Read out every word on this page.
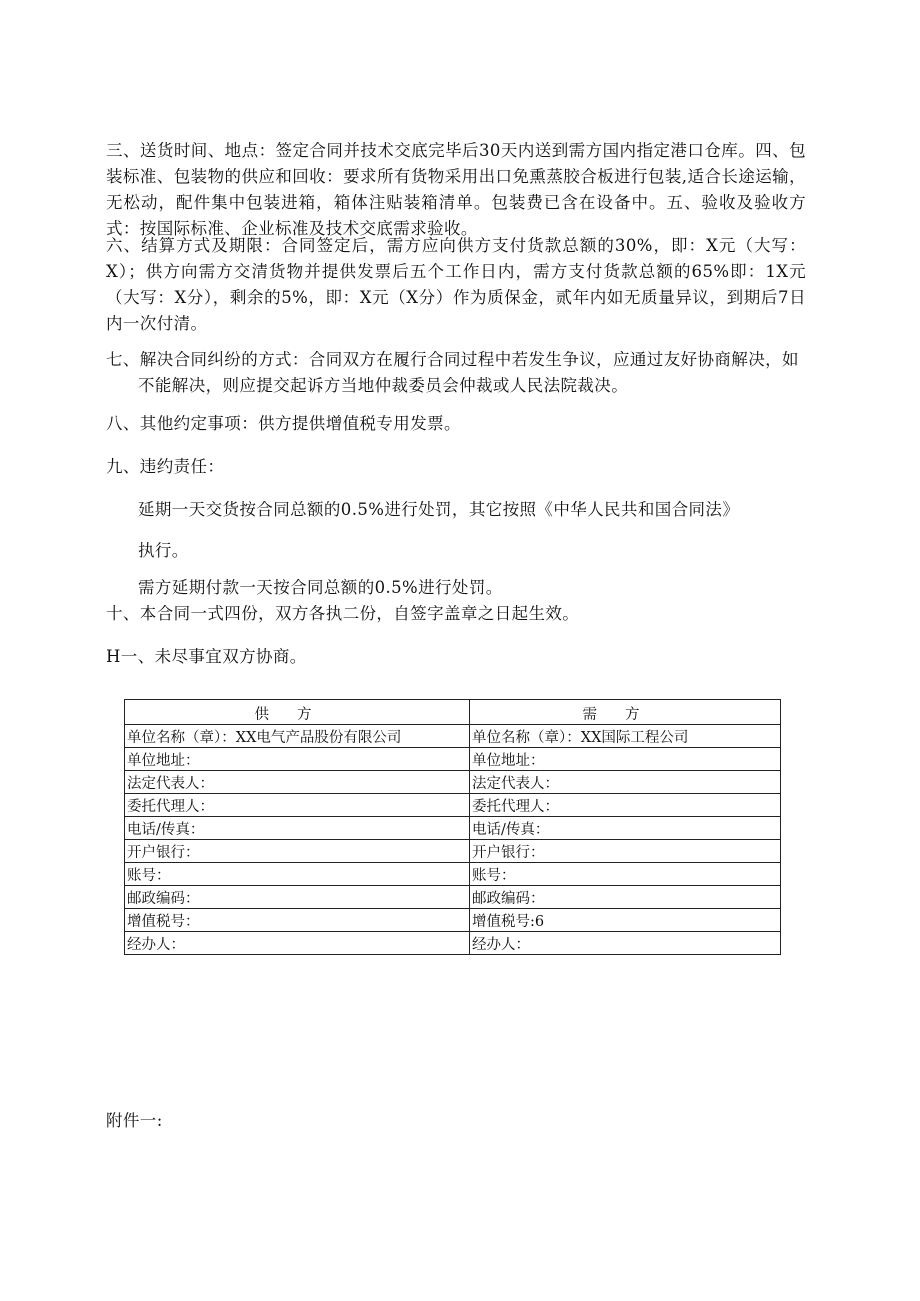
三、送货时间、地点：签定合同并技术交底完毕后30天内送到需方国内指定港口仓库。四、包装标准、包装物的供应和回收：要求所有货物采用出口免熏蒸胶合板进行包装,适合长途运输，无松动，配件集中包装进箱，箱体注贴装箱清单。包装费已含在设备中。五、验收及验收方式：按国际标准、企业标准及技术交底需求验收。

六、结算方式及期限：合同签定后，需方应向供方支付货款总额的30%，即：X元（大写：X）；供方向需方交清货物并提供发票后五个工作日内，需方支付货款总额的65%即：1X元（大写：X分），剩余的5%，即：X元（X分）作为质保金，贰年内如无质量异议，到期后7日内一次付清。

七、解决合同纠纷的方式：合同双方在履行合同过程中若发生争议，应通过友好协商解决，如
不能解决，则应提交起诉方当地仲裁委员会仲裁或人民法院裁决。

八、其他约定事项：供方提供增值税专用发票。

九、违约责任：

延期一天交货按合同总额的0.5%进行处罚，其它按照《中华人民共和国合同法》

执行。

需方延期付款一天按合同总额的0.5%进行处罚。

十、本合同一式四份，双方各执二份，自签字盖章之日起生效。

H一、未尽事宜双方协商。

供方	需方
单位名称（章）：XX电气产品股份有限公司	单位名称（章）：XX国际工程公司
单位地址：	单位地址：
法定代表人：	法定代表人：
委托代理人：	委托代理人：
电话/传真：	电话/传真：
开户银行：	开户银行：
账号：	账号：
邮政编码：	邮政编码：
增值税号：	增值税号:6
经办人：	经办人：

附件一:
